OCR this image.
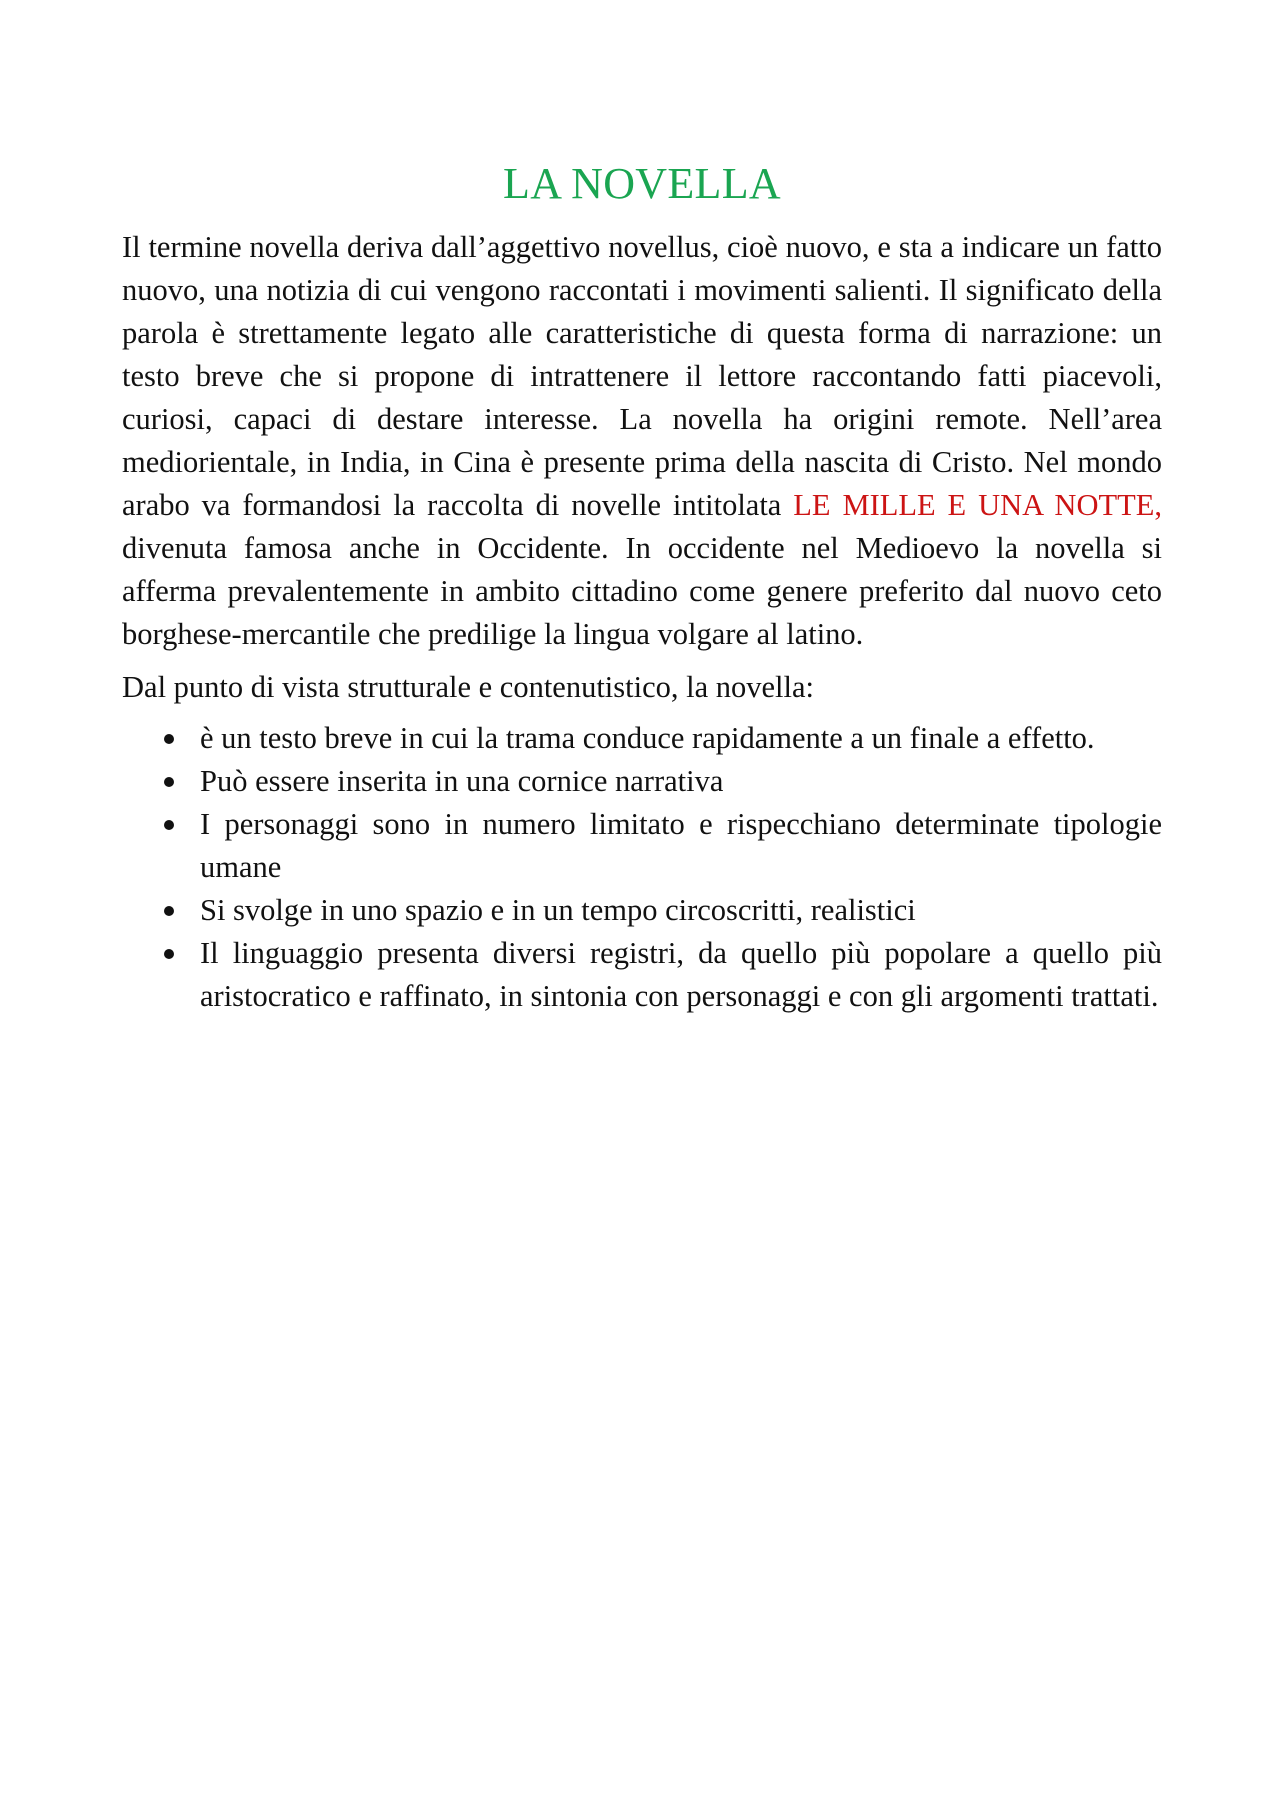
LA NOVELLA

Il termine novella deriva dall’aggettivo novellus, cioè nuovo, e sta a indicare un fatto nuovo, una notizia di cui vengono raccontati i movimenti salienti. Il significato della parola è strettamente legato alle caratteristiche di questa forma di narrazione: un testo breve che si propone di intrattenere il lettore raccontando fatti piacevoli, curiosi, capaci di destare interesse. La novella ha origini remote. Nell’area mediorientale, in India, in Cina è presente prima della nascita di Cristo. Nel mondo arabo va formandosi la raccolta di novelle intitolata LE MILLE E UNA NOTTE, divenuta famosa anche in Occidente. In occidente nel Medioevo la novella si afferma prevalentemente in ambito cittadino come genere preferito dal nuovo ceto borghese-mercantile che predilige la lingua volgare al latino.

Dal punto di vista strutturale e contenutistico, la novella:

è un testo breve in cui la trama conduce rapidamente a un finale a effetto.
Può essere inserita in una cornice narrativa
I personaggi sono in numero limitato e rispecchiano determinate tipologie umane
Si svolge in uno spazio e in un tempo circoscritti, realistici
Il linguaggio presenta diversi registri, da quello più popolare a quello più aristocratico e raffinato, in sintonia con personaggi e con gli argomenti trattati.
